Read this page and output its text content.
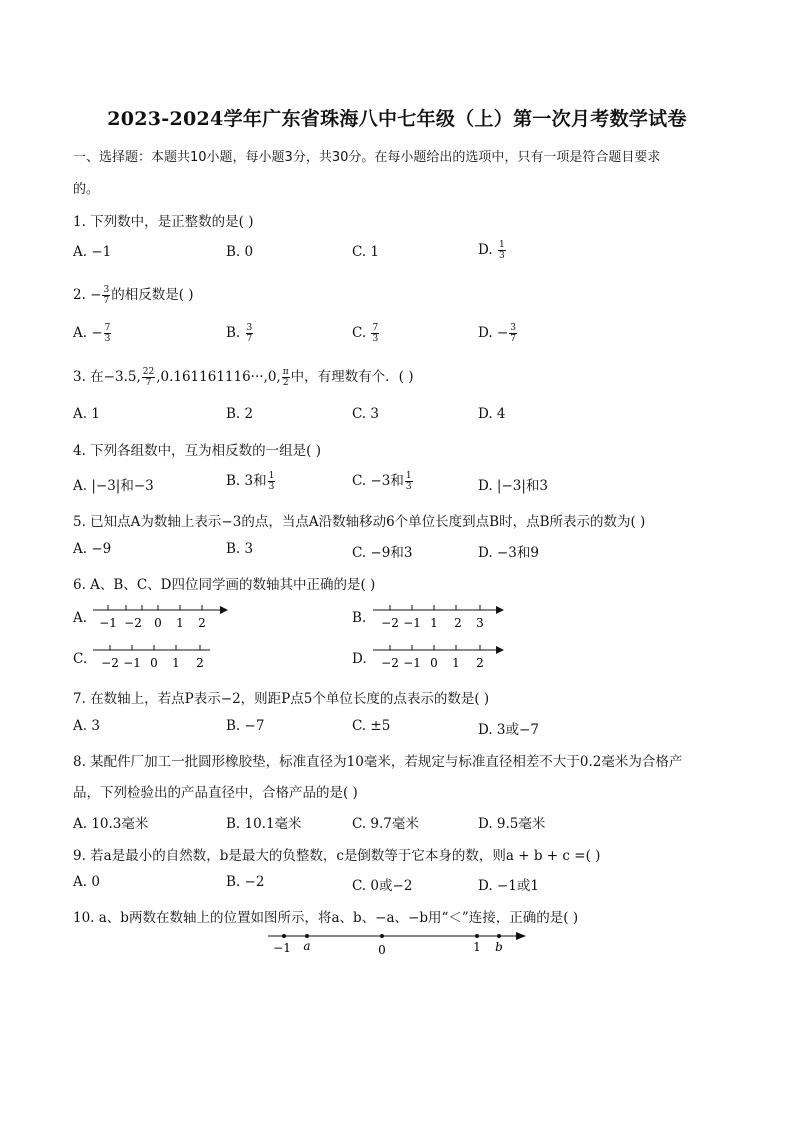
2023-2024学年广东省珠海八中七年级（上）第一次月考数学试卷
一、选择题：本题共10小题，每小题3分，共30分。在每小题给出的选项中，只有一项是符合题目要求
的。
1. 下列数中，是正整数的是( )
A. −1	B. 0	C. 1	D. $\frac{1}{3}$
2. − $\frac{3}{7}$ 的相反数是( )
A. − $\frac{7}{3}$	B. $\frac{3}{7}$	C. $\frac{7}{3}$	D. − $\frac{3}{7}$
3. 在−3.5, $\frac{22}{7} ,0.161161116\cdot\cdot\cdot,0$, $\frac{\pi}{2}$ 中，有理数有个．( )
A. 1	B. 2	C. 3	D. 4
4. 下列各组数中，互为相反数的一组是( )
A. |−3|和−3	B. 3和 $\frac{1}{3}$	C. −3和 $\frac{1}{3}$	D. |−3|和3
5. 已知点A为数轴上表示−3的点，当点A沿数轴移动6个单位长度到点B时，点B所表示的数为( )
A. −9	B. 3	C. −9和3	D. −3和9
6. A、B、C、D四位同学画的数轴其中正确的是( )
A.	B.
C.	D.
−1 −2 0 1 2	−2 −1 1 2 3
−2 −1 0 1 2	−2 −1 0 1 2
7. 在数轴上，若点P表示−2，则距P点5个单位长度的点表示的数是( )
A. 3	B. −7	C. ±5	D. 3或−7
8. 某配件厂加工一批圆形橡胶垫，标准直径为10毫米，若规定与标准直径相差不大于0.2毫米为合格产
品，下列检验出的产品直径中，合格产品的是( )
A. 10.3毫米	B. 10.1毫米	C. 9.7毫米	D. 9.5毫米
9. 若a是最小的自然数，b是最大的负整数，c是倒数等于它本身的数，则a + b + c =( )
A. 0	B. −2	C. 0或−2	D. −1或1
10. a、b两数在数轴上的位置如图所示，将a、b、−a、−b用“＜”连接，正确的是( )
−1 a	0	1 b
